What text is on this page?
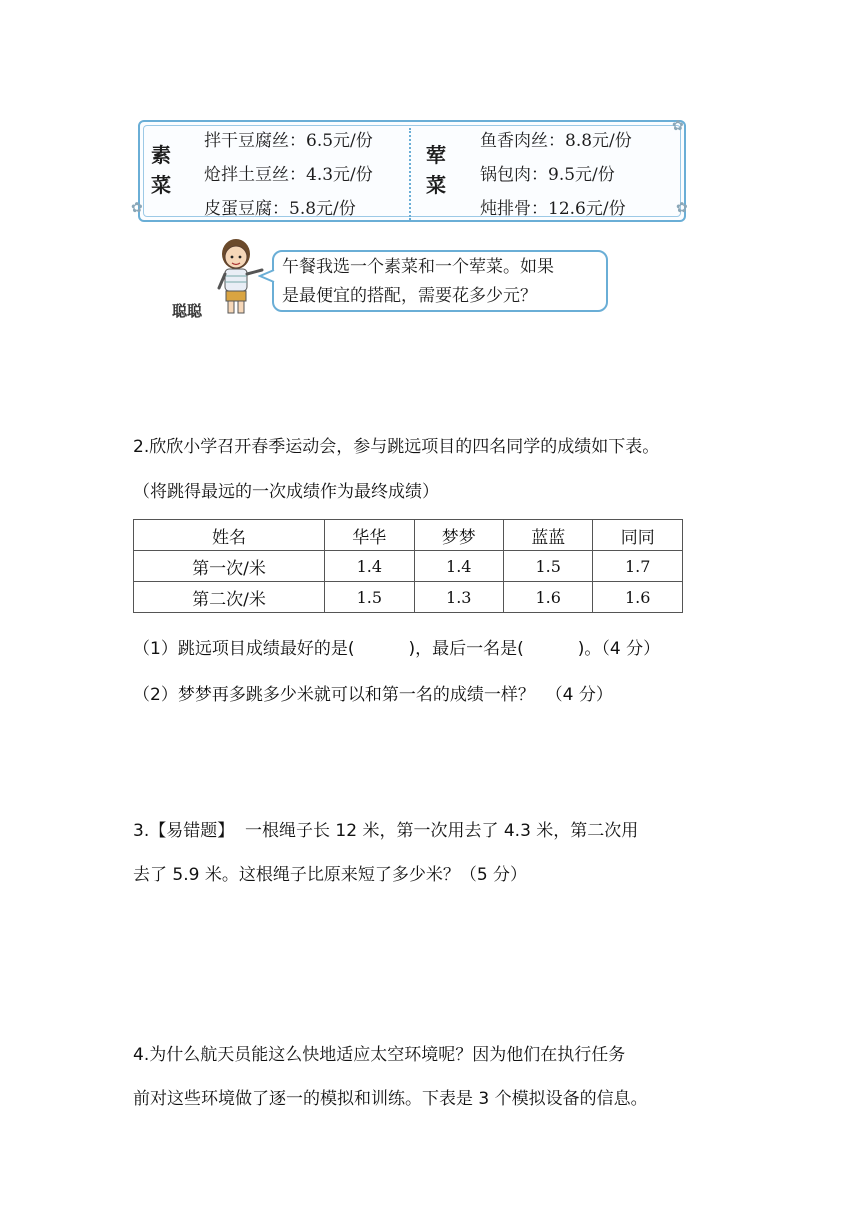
✿
✿
✿
素菜
拌干豆腐丝：6.5元/份
炝拌土豆丝：4.3元/份
皮蛋豆腐：5.8元/份
荤菜
鱼香肉丝：8.8元/份
锅包肉：9.5元/份
炖排骨：12.6元/份
聪聪
午餐我选一个素菜和一个荤菜。如果
是最便宜的搭配，需要花多少元？
2.欣欣小学召开春季运动会，参与跳远项目的四名同学的成绩如下表。
（将跳得最远的一次成绩作为最终成绩）
姓名	华华	梦梦	蓝蓝	同同
第一次/米	1.4	1.4	1.5	1.7
第二次/米	1.5	1.3	1.6	1.6
（1）跳远项目成绩最好的是(          )，最后一名是(          )。（4 分）
（2）梦梦再多跳多少米就可以和第一名的成绩一样？  （4 分）
3.【易错题】  一根绳子长 12 米，第一次用去了 4.3 米，第二次用
去了 5.9 米。这根绳子比原来短了多少米？（5 分）
4.为什么航天员能这么快地适应太空环境呢？因为他们在执行任务
前对这些环境做了逐一的模拟和训练。下表是 3 个模拟设备的信息。
